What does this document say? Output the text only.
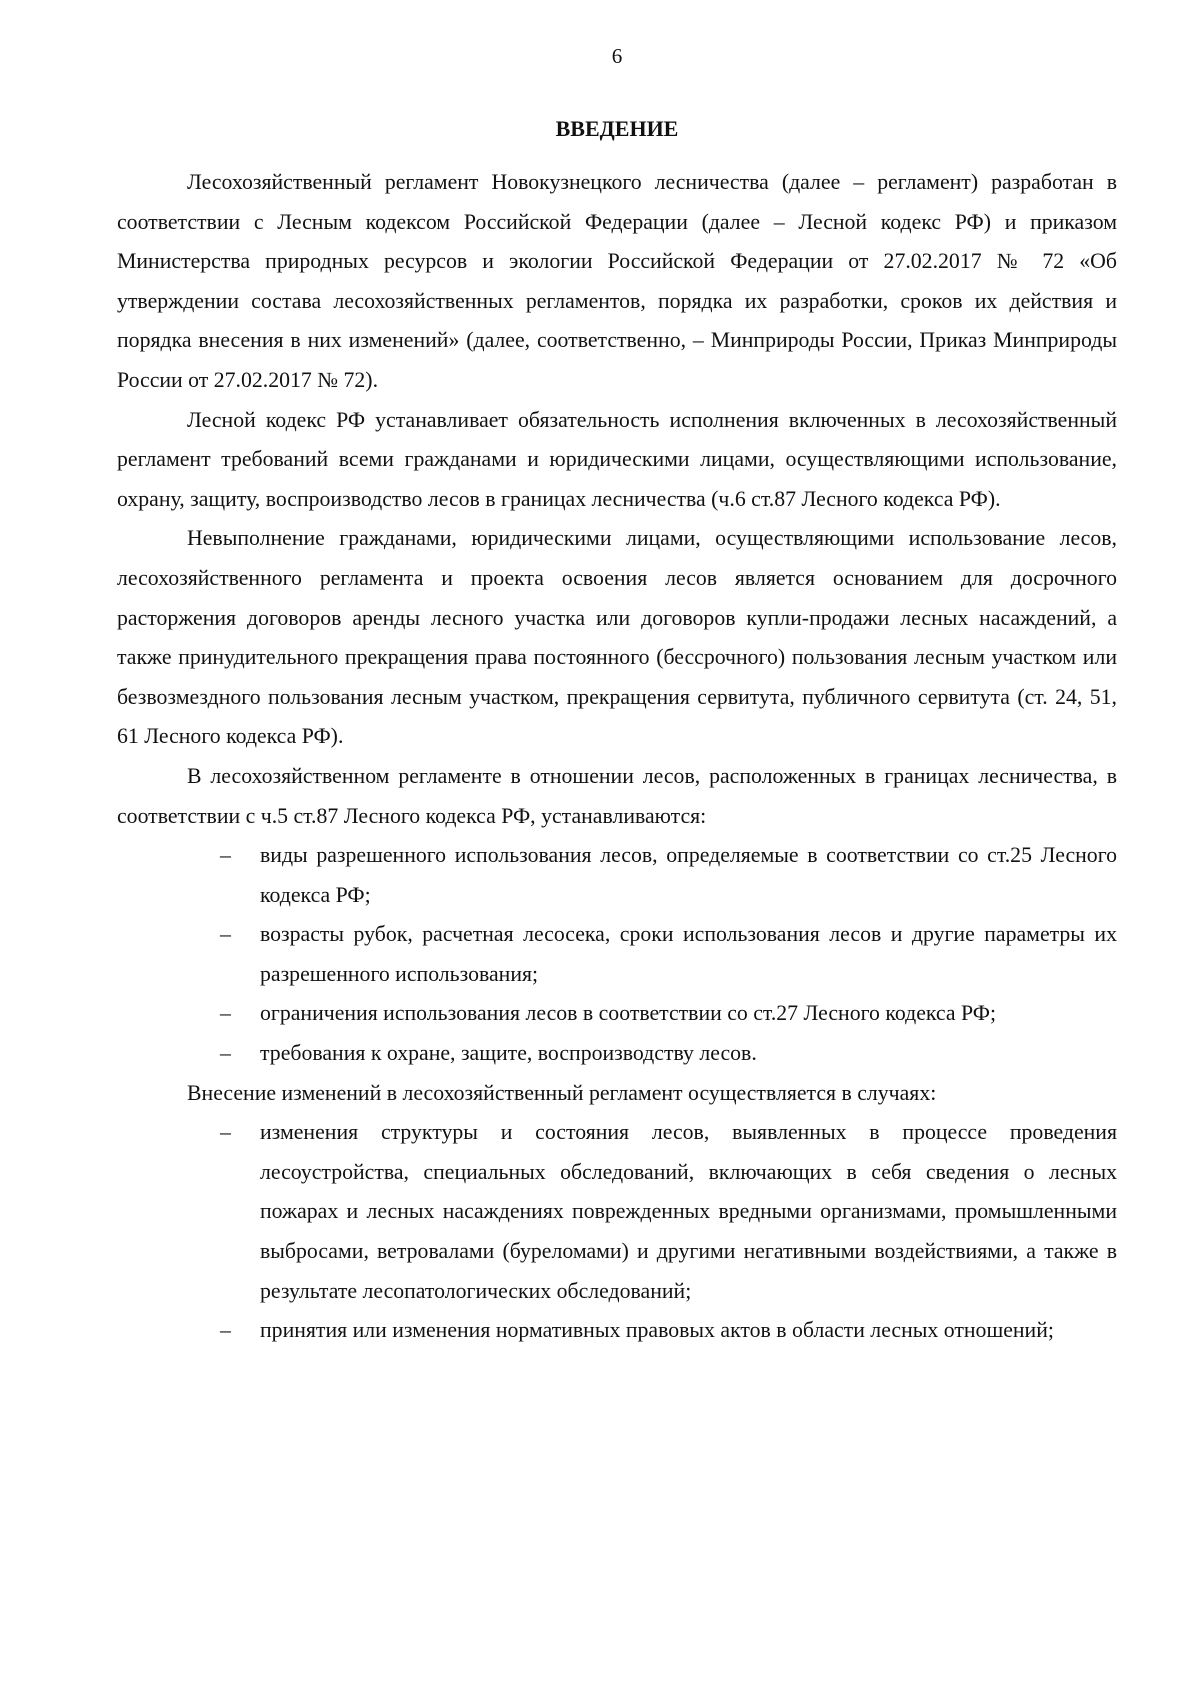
6
ВВЕДЕНИЕ

Лесохозяйственный регламент Новокузнецкого лесничества (далее – регламент) разработан в соответствии с Лесным кодексом Российской Федерации (далее – Лесной кодекс РФ) и приказом Министерства природных ресурсов и экологии Российской Федерации от 27.02.2017 № 72 «Об утверждении состава лесохозяйственных регламентов, порядка их разработки, сроков их действия и порядка внесения в них изменений» (далее, соответственно, – Минприроды России, Приказ Минприроды России от 27.02.2017 № 72).

Лесной кодекс РФ устанавливает обязательность исполнения включенных в лесохозяйственный регламент требований всеми гражданами и юридическими лицами, осуществляющими использование, охрану, защиту, воспроизводство лесов в границах лесничества (ч.6 ст.87 Лесного кодекса РФ).

Невыполнение гражданами, юридическими лицами, осуществляющими использование лесов, лесохозяйственного регламента и проекта освоения лесов является основанием для досрочного расторжения договоров аренды лесного участка или договоров купли-продажи лесных насаждений, а также принудительного прекращения права постоянного (бессрочного) пользования лесным участком или безвозмездного пользования лесным участком, прекращения сервитута, публичного сервитута (ст. 24, 51, 61 Лесного кодекса РФ).

В лесохозяйственном регламенте в отношении лесов, расположенных в границах лесничества, в соответствии с ч.5 ст.87 Лесного кодекса РФ, устанавливаются:

– виды разрешенного использования лесов, определяемые в соответствии со ст.25 Лесного кодекса РФ;
– возрасты рубок, расчетная лесосека, сроки использования лесов и другие параметры их разрешенного использования;
– ограничения использования лесов в соответствии со ст.27 Лесного кодекса РФ;
– требования к охране, защите, воспроизводству лесов.

Внесение изменений в лесохозяйственный регламент осуществляется в случаях:

– изменения структуры и состояния лесов, выявленных в процессе проведения лесоустройства, специальных обследований, включающих в себя сведения о лесных пожарах и лесных насаждениях поврежденных вредными организмами, промышленными выбросами, ветровалами (буреломами) и другими негативными воздействиями, а также в результате лесопатологических обследований;
– принятия или изменения нормативных правовых актов в области лесных отношений;
